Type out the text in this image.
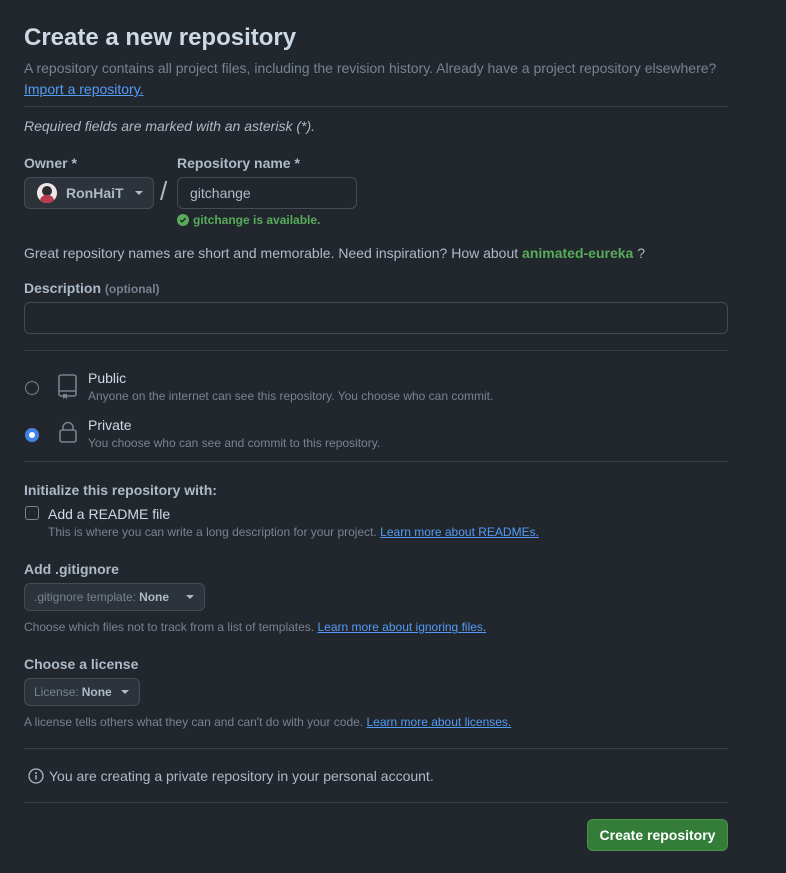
Create a new repository
A repository contains all project files, including the revision history. Already have a project repository elsewhere? Import a repository.
Required fields are marked with an asterisk (*).
Owner *
RonHaiT /
Repository name *
gitchange
gitchange is available.
Great repository names are short and memorable. Need inspiration? How about animated-eureka ?
Description (optional)
Public
Anyone on the internet can see this repository. You choose who can commit.
Private
You choose who can see and commit to this repository.
Initialize this repository with:
Add a README file
This is where you can write a long description for your project. Learn more about READMEs.
Add .gitignore
.gitignore template: None
Choose which files not to track from a list of templates. Learn more about ignoring files.
Choose a license
License: None
A license tells others what they can and can't do with your code. Learn more about licenses.
You are creating a private repository in your personal account.
Create repository
